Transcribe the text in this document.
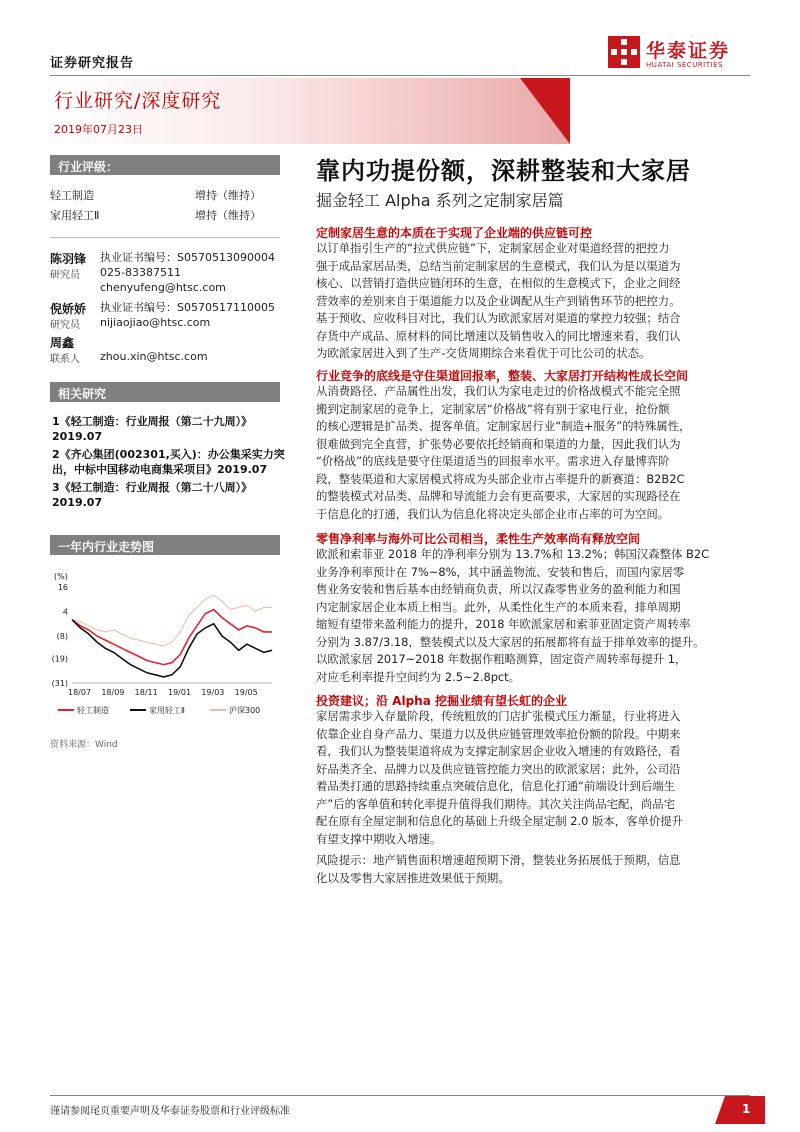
证券研究报告
行业研究/深度研究
2019年07月23日
华泰证券
HUATAI SECURITIES
行业评级：
轻工制造	增持（维持）
家用轻工Ⅱ	增持（维持）
陈羽锋
研究员
执业证书编号：S0570513090004
025-83387511
chenyufeng@htsc.com
倪娇娇
研究员
执业证书编号：S0570517110005
nijiaojiao@htsc.com
周鑫
联系人 zhou.xin@htsc.com
相关研究
1《轻工制造：行业周报（第二十九周）》
2019.07
2《齐心集团(002301,买入)：办公集采实力突
出，中标中国移动电商集采项目》2019.07
3《轻工制造：行业周报（第二十八周）》
2019.07
一年内行业走势图
(%)
16
4
(8)
(19)
(31)
18/07 18/09 18/11 19/01 19/03 19/05
轻工制造	家用轻工Ⅱ	沪深300
资料来源：Wind
靠内功提份额，深耕整装和大家居
掘金轻工 Alpha 系列之定制家居篇
定制家居生意的本质在于实现了企业端的供应链可控
以订单指引生产的“拉式供应链”下，定制家居企业对渠道经营的把控力
强于成品家居品类，总结当前定制家居的生意模式，我们认为是以渠道为
核心、以营销打造供应链闭环的生意，在相似的生意模式下，企业之间经
营效率的差别来自于渠道能力以及企业调配从生产到销售环节的把控力。
基于预收、应收科目对比，我们认为欧派家居对渠道的掌控力较强；结合
存货中产成品、原材料的同比增速以及销售收入的同比增速来看，我们认
为欧派家居进入到了生产-交货周期综合来看优于可比公司的状态。
行业竞争的底线是守住渠道回报率，整装、大家居打开结构性成长空间
从消费路径、产品属性出发，我们认为家电走过的价格战模式不能完全照
搬到定制家居的竞争上，定制家居“价格战”将有别于家电行业，抢份额
的核心逻辑是扩品类、提客单值。定制家居行业“制造+服务”的特殊属性，
很难做到完全直营，扩张势必要依托经销商和渠道的力量，因此我们认为
“价格战”的底线是要守住渠道适当的回报率水平。需求进入存量博弈阶
段，整装渠道和大家居模式将成为头部企业市占率提升的新赛道：B2B2C
的整装模式对品类、品牌和导流能力会有更高要求，大家居的实现路径在
于信息化的打通，我们认为信息化将决定头部企业市占率的可为空间。
零售净利率与海外可比公司相当，柔性生产效率尚有释放空间
欧派和索菲亚 2018 年的净利率分别为 13.7%和 13.2%；韩国汉森整体 B2C
业务净利率预计在 7%~8%，其中涵盖物流、安装和售后，而国内家居零
售业务安装和售后基本由经销商负责，所以汉森零售业务的盈利能力和国
内定制家居企业本质上相当。此外，从柔性化生产的本质来看，排单周期
缩短有望带来盈利能力的提升，2018 年欧派家居和索菲亚固定资产周转率
分别为 3.87/3.18，整装模式以及大家居的拓展都将有益于排单效率的提升。
以欧派家居 2017~2018 年数据作粗略测算，固定资产周转率每提升 1，
对应毛利率提升空间约为 2.5~2.8pct。
投资建议；沿 Alpha 挖掘业绩有望长虹的企业
家居需求步入存量阶段，传统粗放的门店扩张模式压力渐显，行业将进入
依靠企业自身产品力、渠道力以及供应链管理效率抢份额的阶段。中期来
看，我们认为整装渠道将成为支撑定制家居企业收入增速的有效路径，看
好品类齐全、品牌力以及供应链管控能力突出的欧派家居；此外，公司沿
着品类打通的思路持续重点突破信息化，信息化打通“前端设计到后端生
产”后的客单值和转化率提升值得我们期待。其次关注尚品宅配，尚品宅
配在原有全屋定制和信息化的基础上升级全屋定制 2.0 版本，客单价提升
有望支撑中期收入增速。
风险提示：地产销售面积增速超预期下滑，整装业务拓展低于预期，信息
化以及零售大家居推进效果低于预期。
谨请参阅尾页重要声明及华泰证券股票和行业评级标准	1
